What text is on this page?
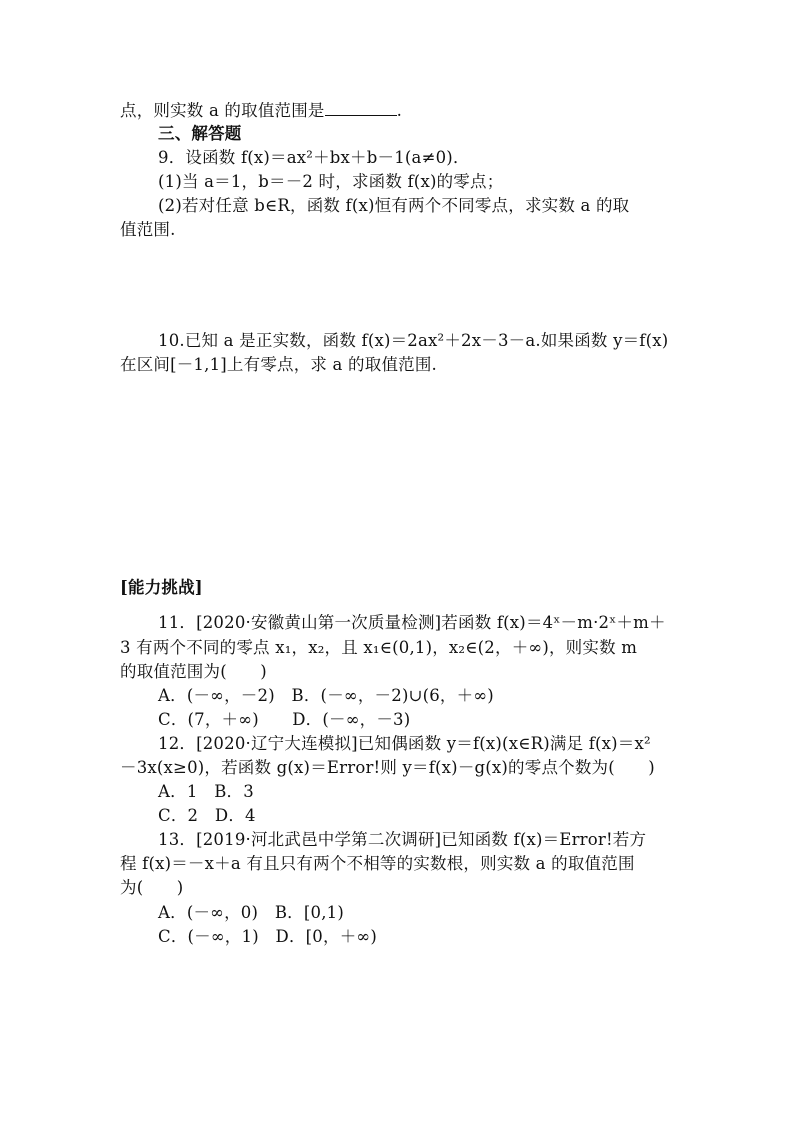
点，则实数 a 的取值范围是	.
三、解答题
9．设函数 f(x)＝ax²＋bx＋b－1(a≠0)．
(1)当 a＝1，b＝－2 时，求函数 f(x)的零点；
(2)若对任意 b∈R，函数 f(x)恒有两个不同零点，求实数 a 的取
值范围.
10.已知 a 是正实数，函数 f(x)＝2ax²＋2x－3－a.如果函数 y＝f(x)
在区间[－1,1]上有零点，求 a 的取值范围.
[能力挑战]
11．[2020·安徽黄山第一次质量检测]若函数 f(x)＝4ˣ－m·2ˣ＋m＋
3 有两个不同的零点 x₁，x₂，且 x₁∈(0,1)，x₂∈(2，＋∞)，则实数 m
的取值范围为(　　)
A．(－∞，－2)　B．(－∞，－2)∪(6，＋∞)
C．(7，＋∞)　　D．(－∞，－3)
12．[2020·辽宁大连模拟]已知偶函数 y＝f(x)(x∈R)满足 f(x)＝x²
－3x(x≥0)，若函数 g(x)＝Error!则 y＝f(x)－g(x)的零点个数为(　　)
A．1　B．3
C．2　D．4
13．[2019·河北武邑中学第二次调研]已知函数 f(x)＝Error!若方
程 f(x)＝－x＋a 有且只有两个不相等的实数根，则实数 a 的取值范围
为(　　)
A．(－∞，0)　B．[0,1)
C．(－∞，1)　D．[0，＋∞)
